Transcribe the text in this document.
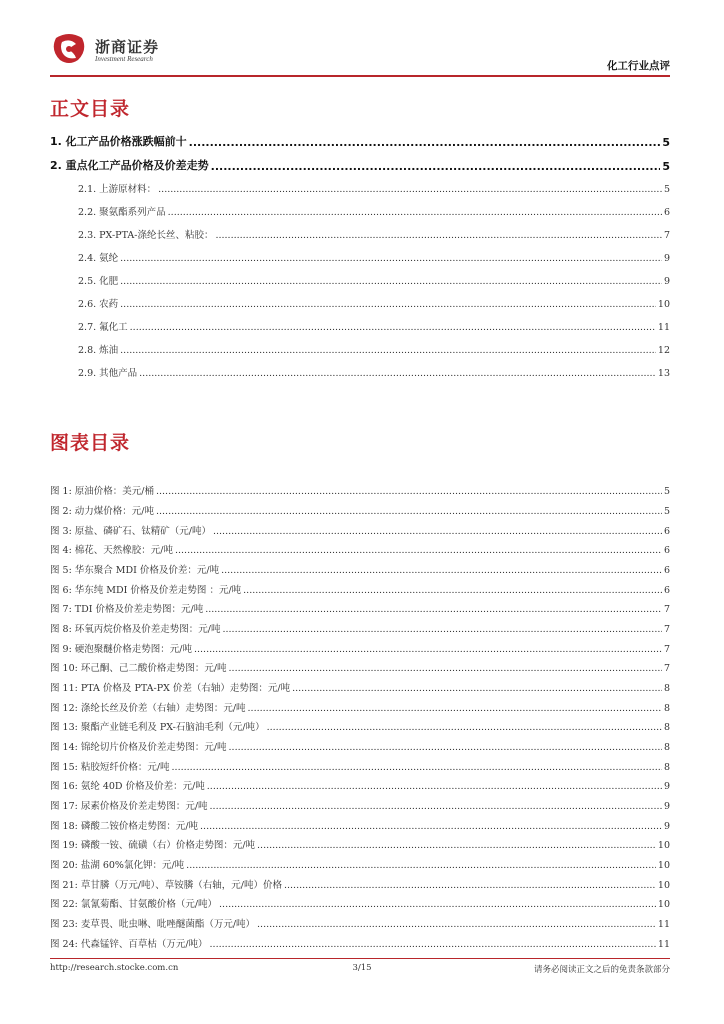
浙商证券
Investment Research
化工行业点评
正文目录
1. 化工产品价格涨跌幅前十 .....	5
2. 重点化工产品价格及价差走势 .....	5
2.1. 上游原材料： .....	5
2.2. 聚氨酯系列产品 .....	6
2.3. PX-PTA-涤纶长丝、粘胶： .....	7
2.4. 氨纶 .....	9
2.5. 化肥 .....	9
2.6. 农药 .....	10
2.7. 氟化工 .....	11
2.8. 炼油 .....	12
2.9. 其他产品 .....	13
图表目录
图 1: 原油价格：美元/桶 .....	5
图 2: 动力煤价格：元/吨 .....	5
图 3: 原盐、磷矿石、钛精矿（元/吨） .....	6
图 4: 棉花、天然橡胶：元/吨 .....	6
图 5: 华东聚合 MDI 价格及价差：元/吨 .....	6
图 6: 华东纯 MDI 价格及价差走势图 ：元/吨 .....	6
图 7: TDI 价格及价差走势图：元/吨 .....	7
图 8: 环氧丙烷价格及价差走势图：元/吨 .....	7
图 9: 硬泡聚醚价格走势图：元/吨 .....	7
图 10: 环己酮、己二酸价格走势图：元/吨 .....	7
图 11: PTA 价格及 PTA-PX 价差（右轴）走势图：元/吨 .....	8
图 12: 涤纶长丝及价差（右轴）走势图：元/吨 .....	8
图 13: 聚酯产业链毛利及 PX-石脑油毛利（元/吨） .....	8
图 14: 锦纶切片价格及价差走势图：元/吨 .....	8
图 15: 粘胶短纤价格：元/吨 .....	8
图 16: 氨纶 40D 价格及价差：元/吨 .....	9
图 17: 尿素价格及价差走势图：元/吨 .....	9
图 18: 磷酸二铵价格走势图：元/吨 .....	9
图 19: 磷酸一铵、硫磺（右）价格走势图：元/吨 .....	10
图 20: 盐湖 60%氯化钾：元/吨 .....	10
图 21: 草甘膦（万元/吨）、草铵膦（右轴，元/吨）价格 .....	10
图 22: 氯氰菊酯、甘氨酸价格（元/吨） .....	10
图 23: 麦草畏、吡虫啉、吡唑醚菌酯（万元/吨） .....	11
图 24: 代森锰锌、百草枯（万元/吨） .....	11
http://research.stocke.com.cn	3/15	请务必阅读正文之后的免责条款部分
